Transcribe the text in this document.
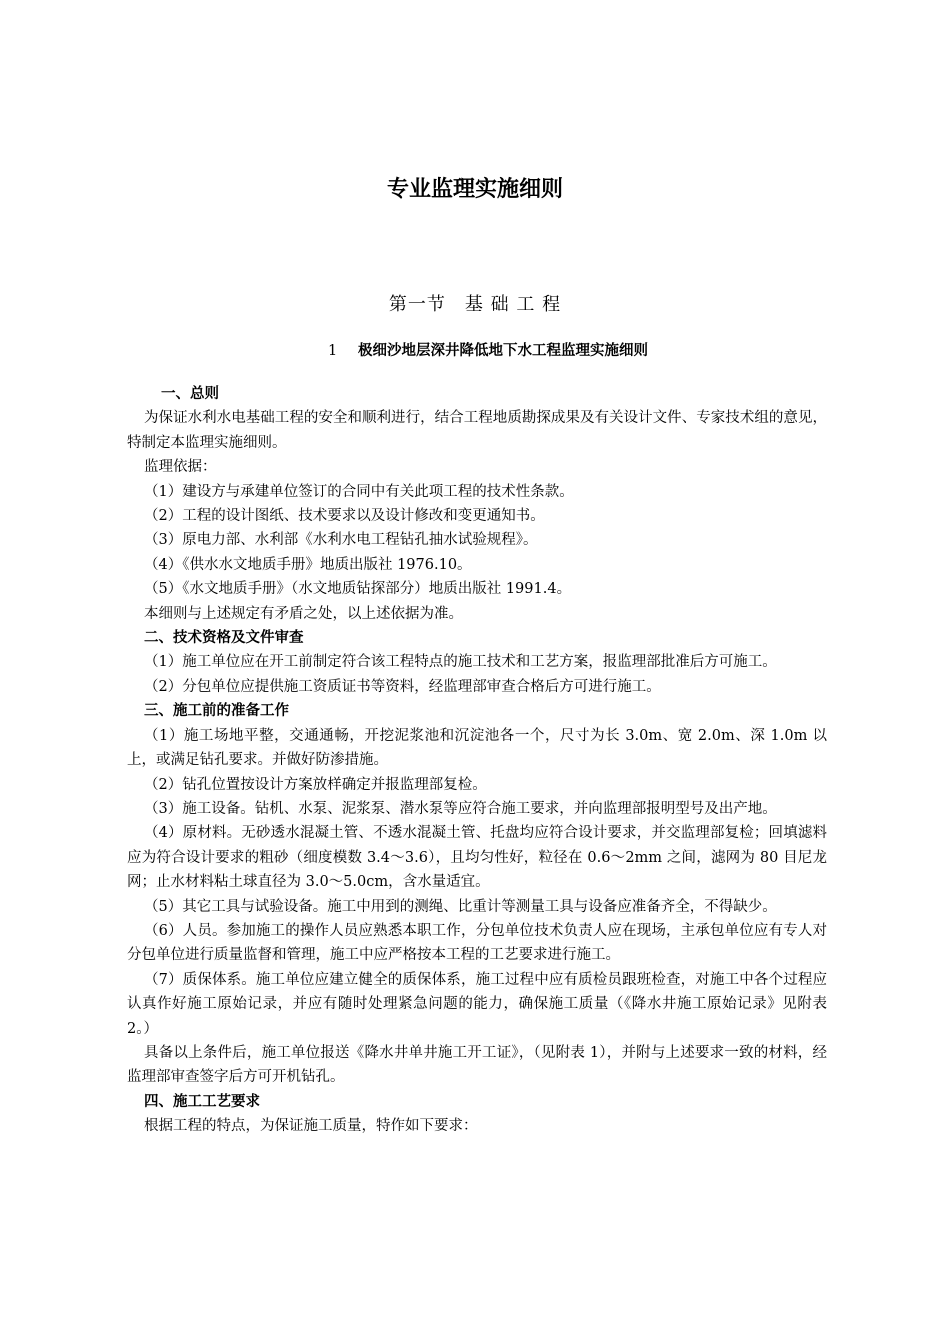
专业监理实施细则
第一节　基 础 工 程
1 极细沙地层深井降低地下水工程监理实施细则

一、总则

为保证水利水电基础工程的安全和顺利进行，结合工程地质勘探成果及有关设计文件、专家技术组的意见，特制定本监理实施细则。

监理依据：

（1）建设方与承建单位签订的合同中有关此项工程的技术性条款。

（2）工程的设计图纸、技术要求以及设计修改和变更通知书。

（3）原电力部、水利部《水利水电工程钻孔抽水试验规程》。

（4）《供水水文地质手册》地质出版社 1976.10。

（5）《水文地质手册》（水文地质钻探部分）地质出版社 1991.4。

本细则与上述规定有矛盾之处，以上述依据为准。

二、技术资格及文件审查

（1）施工单位应在开工前制定符合该工程特点的施工技术和工艺方案，报监理部批准后方可施工。

（2）分包单位应提供施工资质证书等资料，经监理部审查合格后方可进行施工。

三、施工前的准备工作

（1）施工场地平整，交通通畅，开挖泥浆池和沉淀池各一个，尺寸为长 3.0m、宽 2.0m、深 1.0m 以上，或满足钻孔要求。并做好防渗措施。

（2）钻孔位置按设计方案放样确定并报监理部复检。

（3）施工设备。钻机、水泵、泥浆泵、潜水泵等应符合施工要求，并向监理部报明型号及出产地。

（4）原材料。无砂透水混凝土管、不透水混凝土管、托盘均应符合设计要求，并交监理部复检；回填滤料应为符合设计要求的粗砂（细度模数 3.4～3.6），且均匀性好，粒径在 0.6～2mm 之间，滤网为 80 目尼龙网；止水材料粘土球直径为 3.0～5.0cm，含水量适宜。

（5）其它工具与试验设备。施工中用到的测绳、比重计等测量工具与设备应准备齐全，不得缺少。

（6）人员。参加施工的操作人员应熟悉本职工作，分包单位技术负责人应在现场，主承包单位应有专人对分包单位进行质量监督和管理，施工中应严格按本工程的工艺要求进行施工。

（7）质保体系。施工单位应建立健全的质保体系，施工过程中应有质检员跟班检查，对施工中各个过程应认真作好施工原始记录，并应有随时处理紧急问题的能力，确保施工质量（《降水井施工原始记录》见附表 2。）

具备以上条件后，施工单位报送《降水井单井施工开工证》，（见附表 1），并附与上述要求一致的材料，经监理部审查签字后方可开机钻孔。

四、施工工艺要求

根据工程的特点，为保证施工质量，特作如下要求：
